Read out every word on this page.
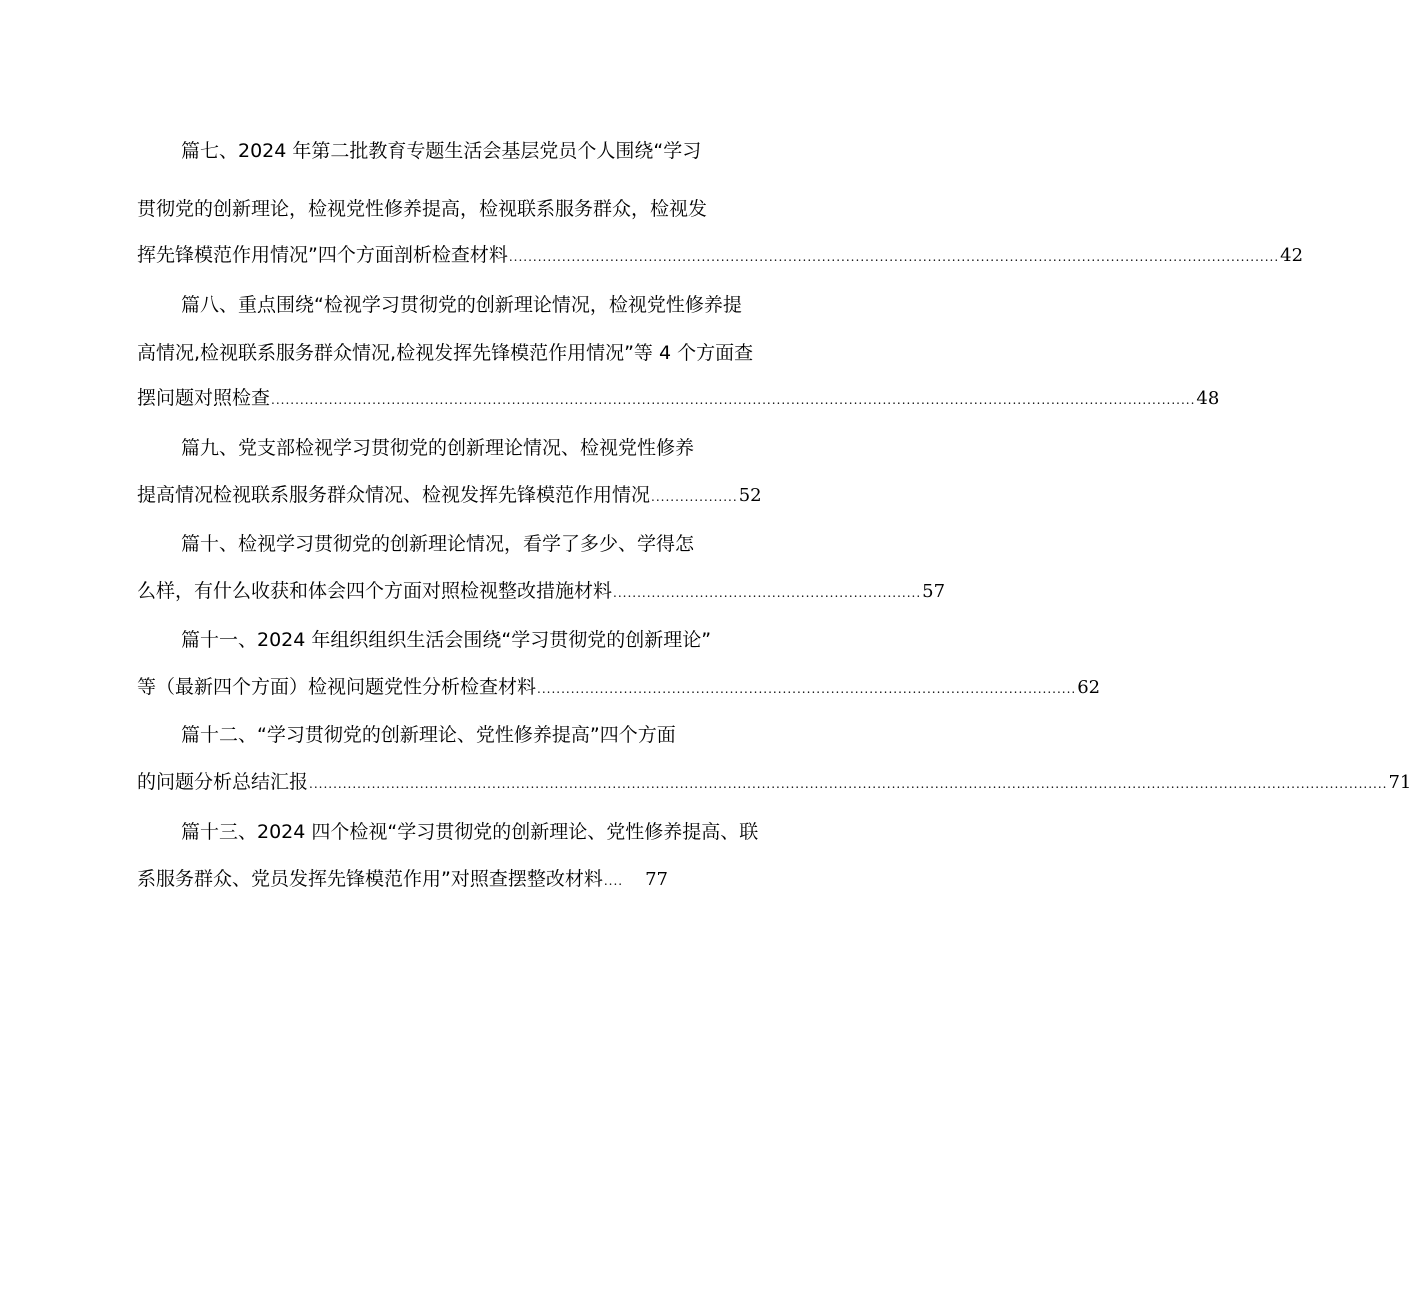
篇七、2024 年第二批教育专题生活会基层党员个人围绕“学习
贯彻党的创新理论，检视党性修养提高，检视联系服务群众，检视发
挥先锋模范作用情况”四个方面剖析检查材料 ................................................................................................................................................................ 42
篇八、重点围绕“检视学习贯彻党的创新理论情况，检视党性修养提
高情况,检视联系服务群众情况,检视发挥先锋模范作用情况”等 4 个方面查
摆问题对照检查 ................................................................................................................................................................................................ 48
篇九、党支部检视学习贯彻党的创新理论情况、检视党性修养
提高情况检视联系服务群众情况、检视发挥先锋模范作用情况 .................. 52
篇十、检视学习贯彻党的创新理论情况，看学了多少、学得怎
么样，有什么收获和体会四个方面对照检视整改措施材料 ................................................................ 57
篇十一、2024 年组织组织生活会围绕“学习贯彻党的创新理论”
等（最新四个方面）检视问题党性分析检查材料 ................................................................................................................ 62
篇十二、“学习贯彻党的创新理论、党性修养提高”四个方面
的问题分析总结汇报 ................................................................................................................................................................................................................................ 71
篇十三、2024 四个检视“学习贯彻党的创新理论、党性修养提高、联
系服务群众、党员发挥先锋模范作用”对照查摆整改材料 ....	77
